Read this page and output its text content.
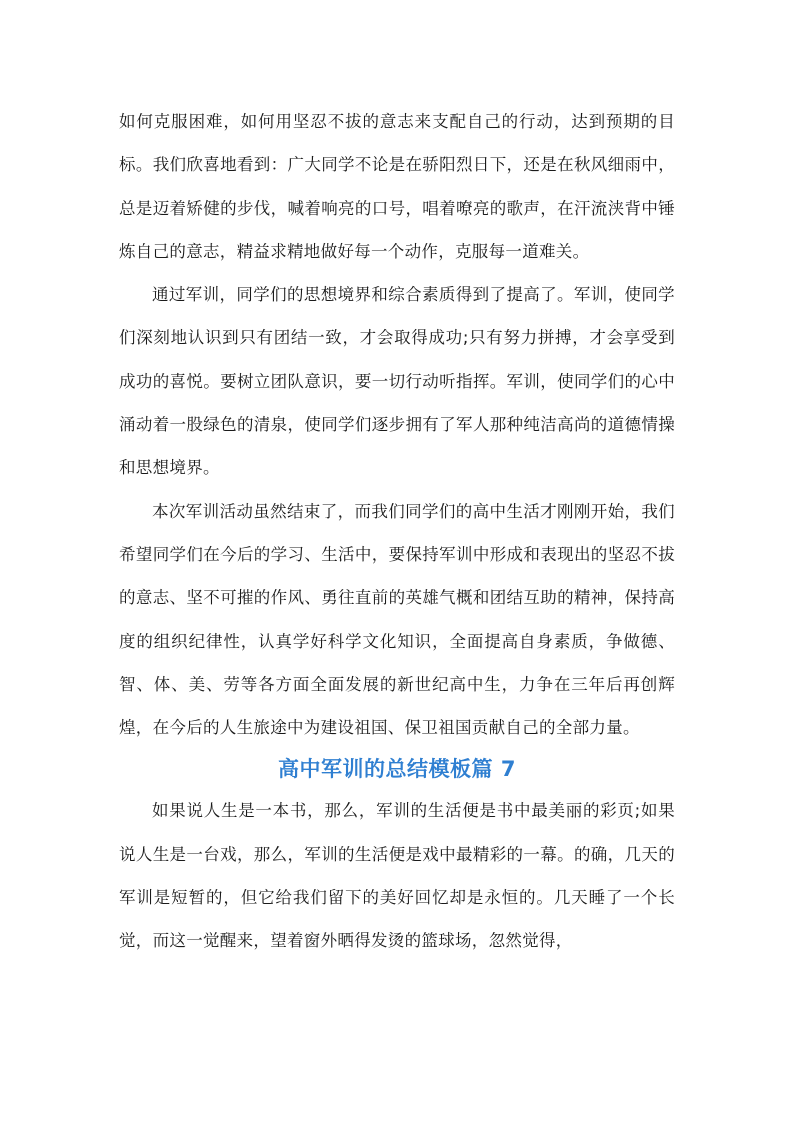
如何克服困难，如何用坚忍不拔的意志来支配自己的行动，达到预期的目标。我们欣喜地看到：广大同学不论是在骄阳烈日下，还是在秋风细雨中，总是迈着矫健的步伐，喊着响亮的口号，唱着嘹亮的歌声，在汗流浃背中锤炼自己的意志，精益求精地做好每一个动作，克服每一道难关。

通过军训，同学们的思想境界和综合素质得到了提高了。军训，使同学们深刻地认识到只有团结一致，才会取得成功;只有努力拼搏，才会享受到成功的喜悦。要树立团队意识，要一切行动听指挥。军训，使同学们的心中涌动着一股绿色的清泉，使同学们逐步拥有了军人那种纯洁高尚的道德情操和思想境界。

本次军训活动虽然结束了，而我们同学们的高中生活才刚刚开始，我们希望同学们在今后的学习、生活中，要保持军训中形成和表现出的坚忍不拔的意志、坚不可摧的作风、勇往直前的英雄气概和团结互助的精神，保持高度的组织纪律性，认真学好科学文化知识，全面提高自身素质，争做德、智、体、美、劳等各方面全面发展的新世纪高中生，力争在三年后再创辉煌，在今后的人生旅途中为建设祖国、保卫祖国贡献自己的全部力量。

高中军训的总结模板篇 7

如果说人生是一本书，那么，军训的生活便是书中最美丽的彩页;如果说人生是一台戏，那么，军训的生活便是戏中最精彩的一幕。的确，几天的军训是短暂的，但它给我们留下的美好回忆却是永恒的。几天睡了一个长觉，而这一觉醒来，望着窗外晒得发烫的篮球场，忽然觉得，
